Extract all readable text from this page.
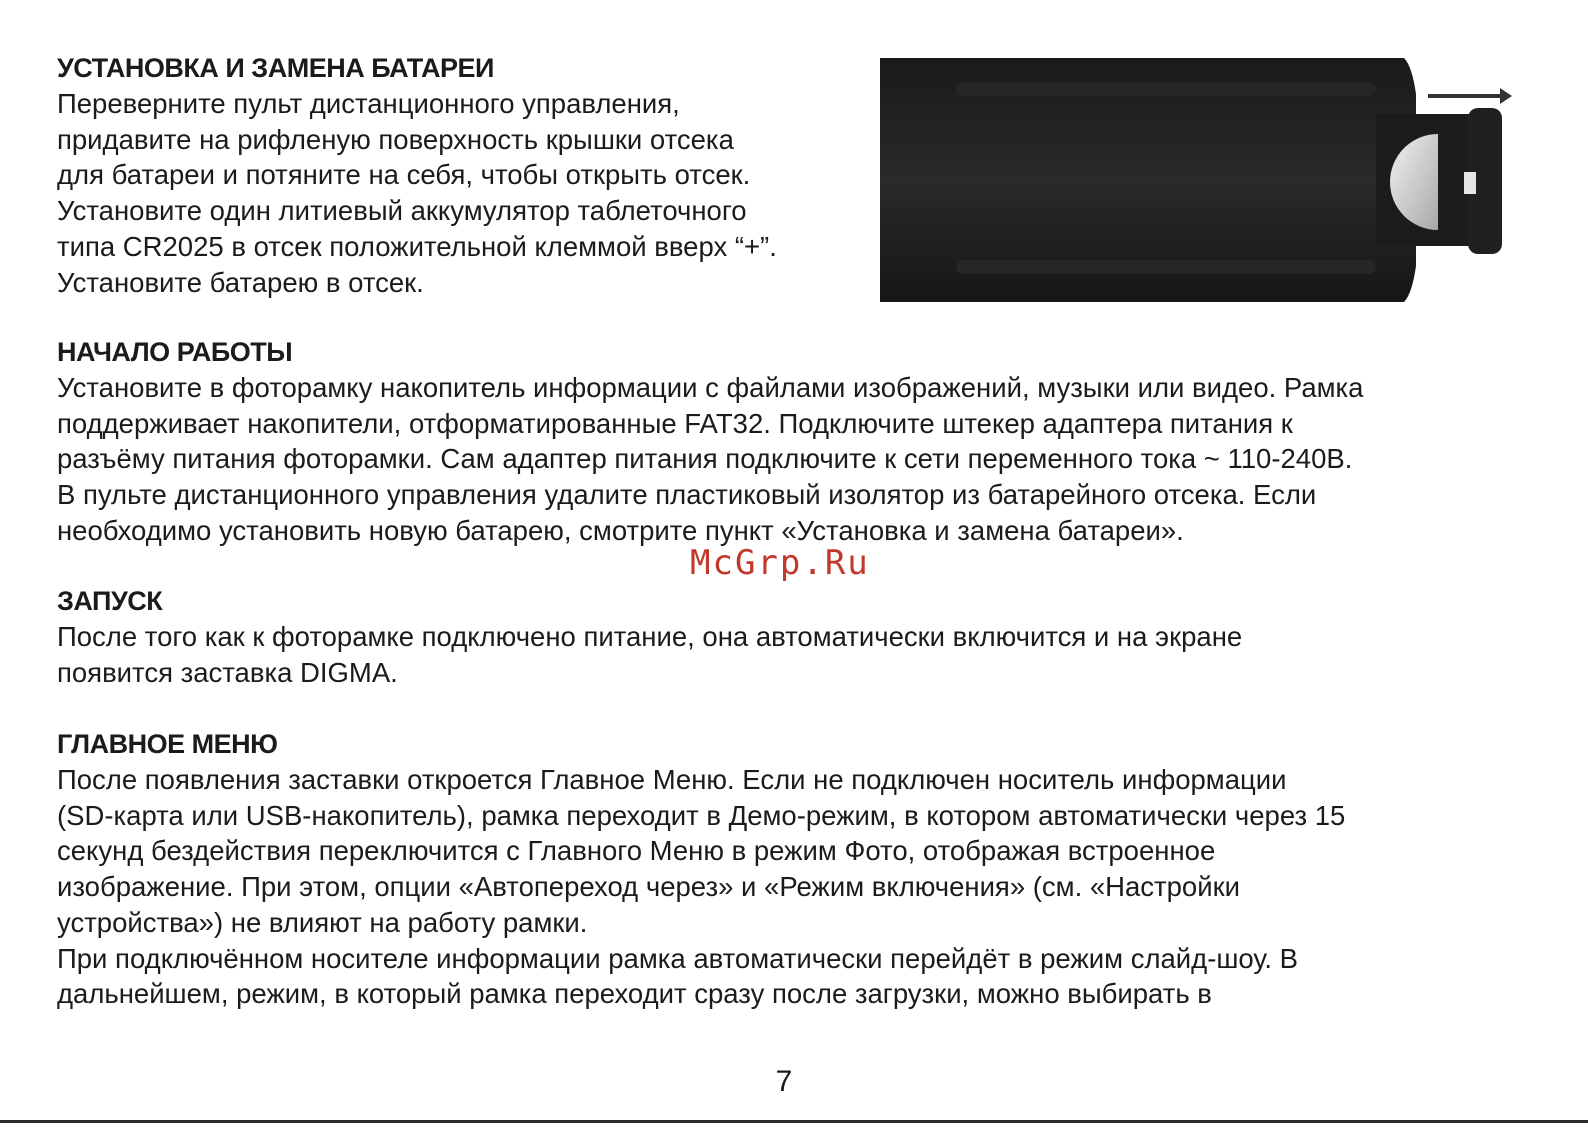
УСТАНОВКА И ЗАМЕНА БАТАРЕИ

Переверните пульт дистанционного управления,
придавите на рифленую поверхность крышки отсека
для батареи и потяните на себя, чтобы открыть отсек.
Установите один литиевый аккумулятор таблеточного
типа CR2025 в отсек положительной клеммой вверх “+”.
Установите батарею в отсек.

НАЧАЛО РАБОТЫ

Установите в фоторамку накопитель информации с файлами изображений, музыки или видео. Рамка
поддерживает накопители, отформатированные FAT32. Подключите штекер адаптера питания к
разъёму питания фоторамки. Сам адаптер питания подключите к сети переменного тока ~ 110-240В.
В пульте дистанционного управления удалите пластиковый изолятор из батарейного отсека. Если
необходимо установить новую батарею, смотрите пункт «Установка и замена батареи».

McGrp.Ru
ЗАПУСК

После того как к фоторамке подключено питание, она автоматически включится и на экране
появится заставка DIGMA.

ГЛАВНОЕ МЕНЮ

После появления заставки откроется Главное Меню. Если не подключен носитель информации
(SD-карта или USB-накопитель), рамка переходит в Демо-режим, в котором автоматически через 15
секунд бездействия переключится с Главного Меню в режим Фото, отображая встроенное
изображение. При этом, опции «Автопереход через» и «Режим включения» (см. «Настройки
устройства») не влияют на работу рамки.
При подключённом носителе информации рамка автоматически перейдёт в режим слайд-шоу. В
дальнейшем, режим, в который рамка переходит сразу после загрузки, можно выбирать в

7
